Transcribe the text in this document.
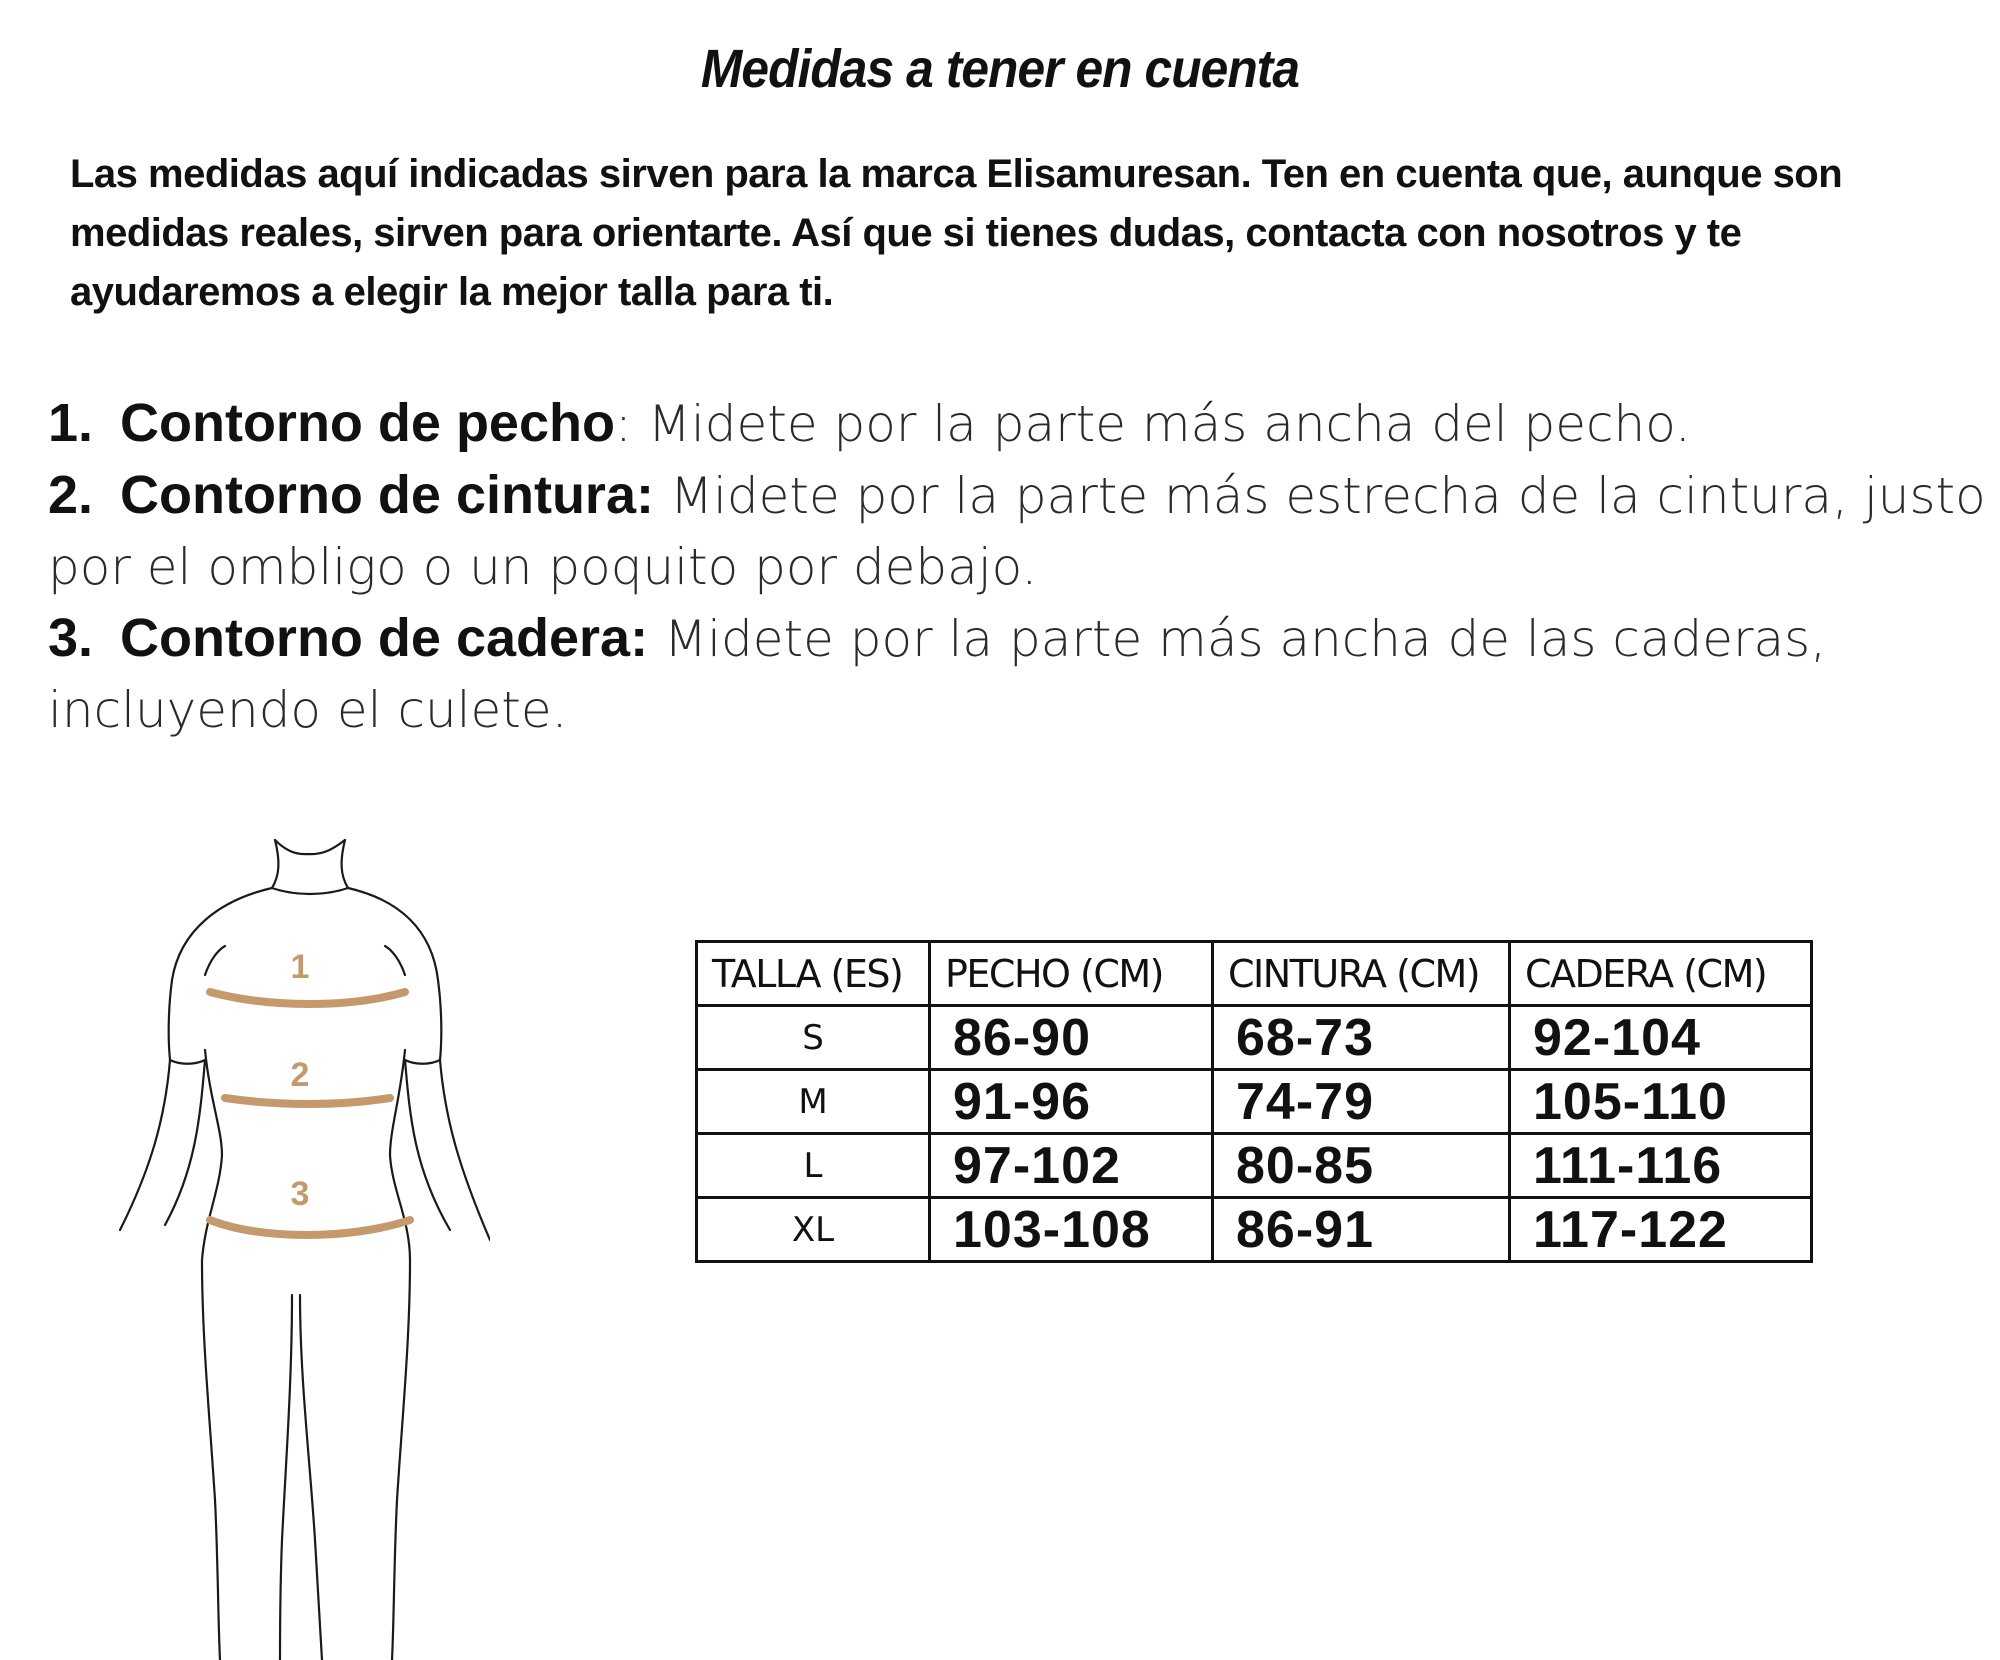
Medidas a tener en cuenta

Las medidas aquí indicadas sirven para la marca Elisamuresan. Ten en cuenta que, aunque son

medidas reales, sirven para orientarte. Así que si tienes dudas, contacta con nosotros y te

ayudaremos a elegir la mejor talla para ti.

1. Contorno de pecho: Midete por la parte más ancha del pecho.

2. Contorno de cintura: Midete por la parte más estrecha de la cintura, justo

por el ombligo o un poquito por debajo.

3. Contorno de cadera: Midete por la parte más ancha de las caderas,

incluyendo el culete.

1
2
3
TALLA (ES)	PECHO (CM)	CINTURA (CM)	CADERA (CM)
S	86-90	68-73	92-104
M	91-96	74-79	105-110
L	97-102	80-85	111-116
XL	103-108	86-91	117-122
